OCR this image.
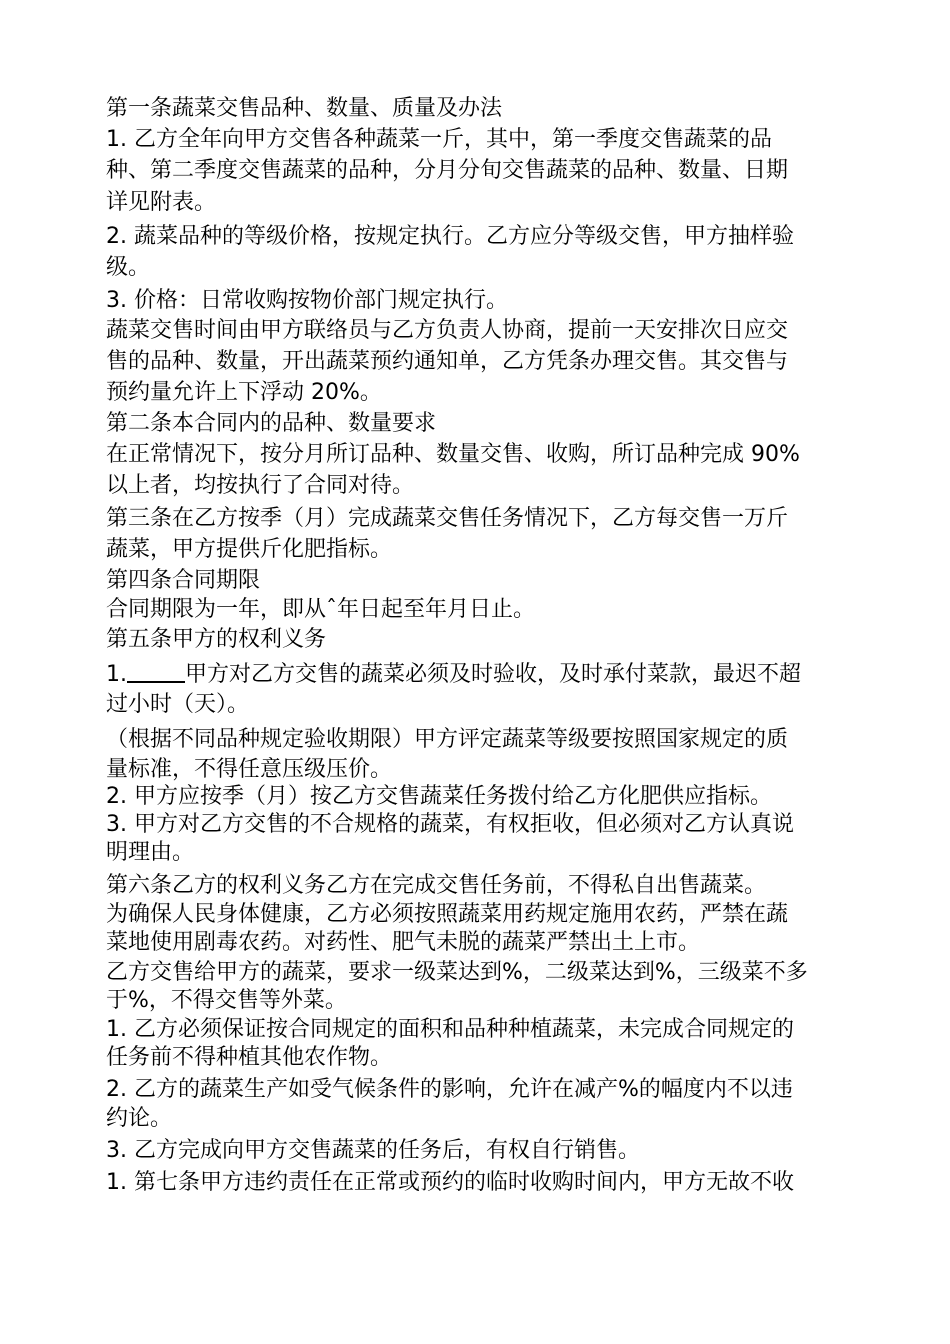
第一条蔬菜交售品种、数量、质量及办法
1. 乙方全年向甲方交售各种蔬菜一斤，其中，第一季度交售蔬菜的品
种、第二季度交售蔬菜的品种，分月分旬交售蔬菜的品种、数量、日期
详见附表。
2. 蔬菜品种的等级价格，按规定执行。乙方应分等级交售，甲方抽样验
级。
3. 价格：日常收购按物价部门规定执行。
蔬菜交售时间由甲方联络员与乙方负责人协商，提前一天安排次日应交
售的品种、数量，开出蔬菜预约通知单，乙方凭条办理交售。其交售与
预约量允许上下浮动 20%。
第二条本合同内的品种、数量要求
在正常情况下，按分月所订品种、数量交售、收购，所订品种完成 90%
以上者，均按执行了合同对待。
第三条在乙方按季（月）完成蔬菜交售任务情况下，乙方每交售一万斤
蔬菜，甲方提供斤化肥指标。
第四条合同期限
合同期限为一年，即从ˆ年日起至年月日止。
第五条甲方的权利义务
1.	甲方对乙方交售的蔬菜必须及时验收，及时承付菜款，最迟不超
过小时（天）。
（根据不同品种规定验收期限）甲方评定蔬菜等级要按照国家规定的质
量标准，不得任意压级压价。
2. 甲方应按季（月）按乙方交售蔬菜任务拨付给乙方化肥供应指标。
3. 甲方对乙方交售的不合规格的蔬菜，有权拒收，但必须对乙方认真说
明理由。
第六条乙方的权利义务乙方在完成交售任务前，不得私自出售蔬菜。
为确保人民身体健康，乙方必须按照蔬菜用药规定施用农药，严禁在蔬
菜地使用剧毒农药。对药性、肥气未脱的蔬菜严禁出土上市。
乙方交售给甲方的蔬菜，要求一级菜达到%，二级菜达到%，三级菜不多
于%，不得交售等外菜。
1. 乙方必须保证按合同规定的面积和品种种植蔬菜，未完成合同规定的
任务前不得种植其他农作物。
2. 乙方的蔬菜生产如受气候条件的影响，允许在减产%的幅度内不以违
约论。
3. 乙方完成向甲方交售蔬菜的任务后，有权自行销售。
1. 第七条甲方违约责任在正常或预约的临时收购时间内，甲方无故不收
